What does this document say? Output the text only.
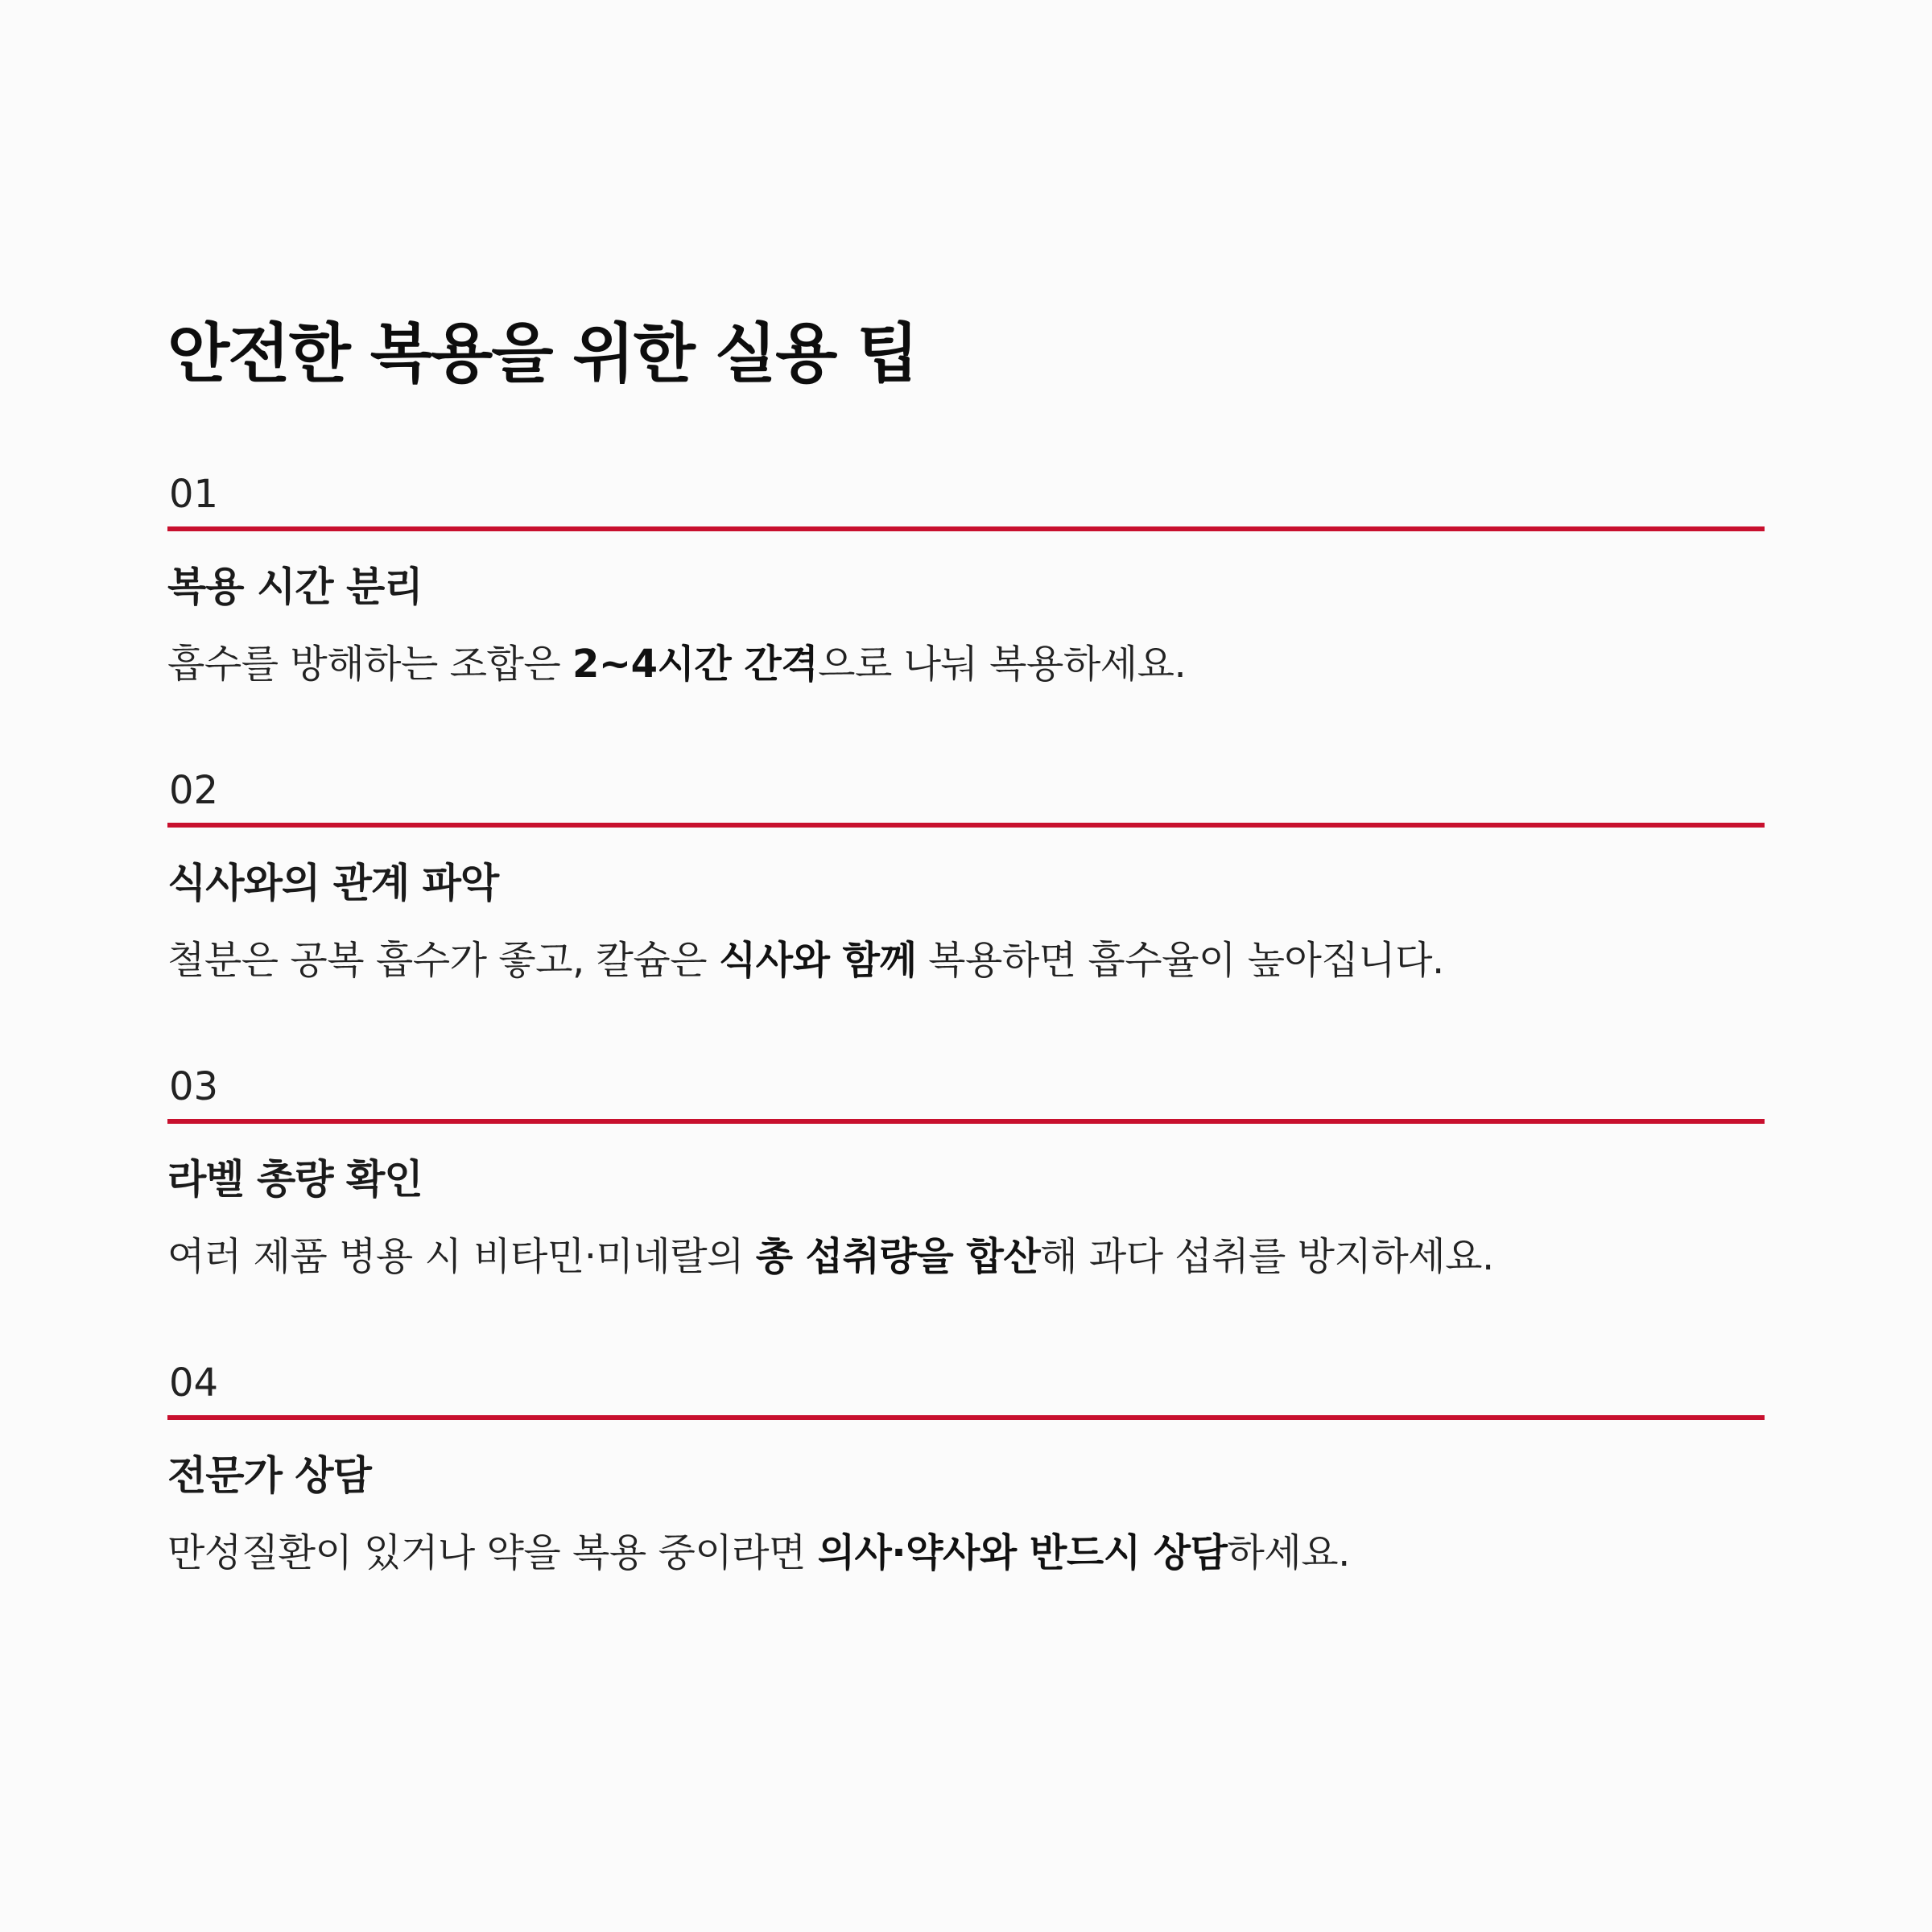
안전한 복용을 위한 실용 팁
01
복용 시간 분리
흡수를 방해하는 조합은 2~4시간 간격으로 나눠 복용하세요.
02
식사와의 관계 파악
철분은 공복 흡수가 좋고, 칼슘은 식사와 함께 복용하면 흡수율이 높아집니다.
03
라벨 총량 확인
여러 제품 병용 시 비타민·미네랄의 총 섭취량을 합산해 과다 섭취를 방지하세요.
04
전문가 상담
만성질환이 있거나 약을 복용 중이라면 의사·약사와 반드시 상담하세요.
